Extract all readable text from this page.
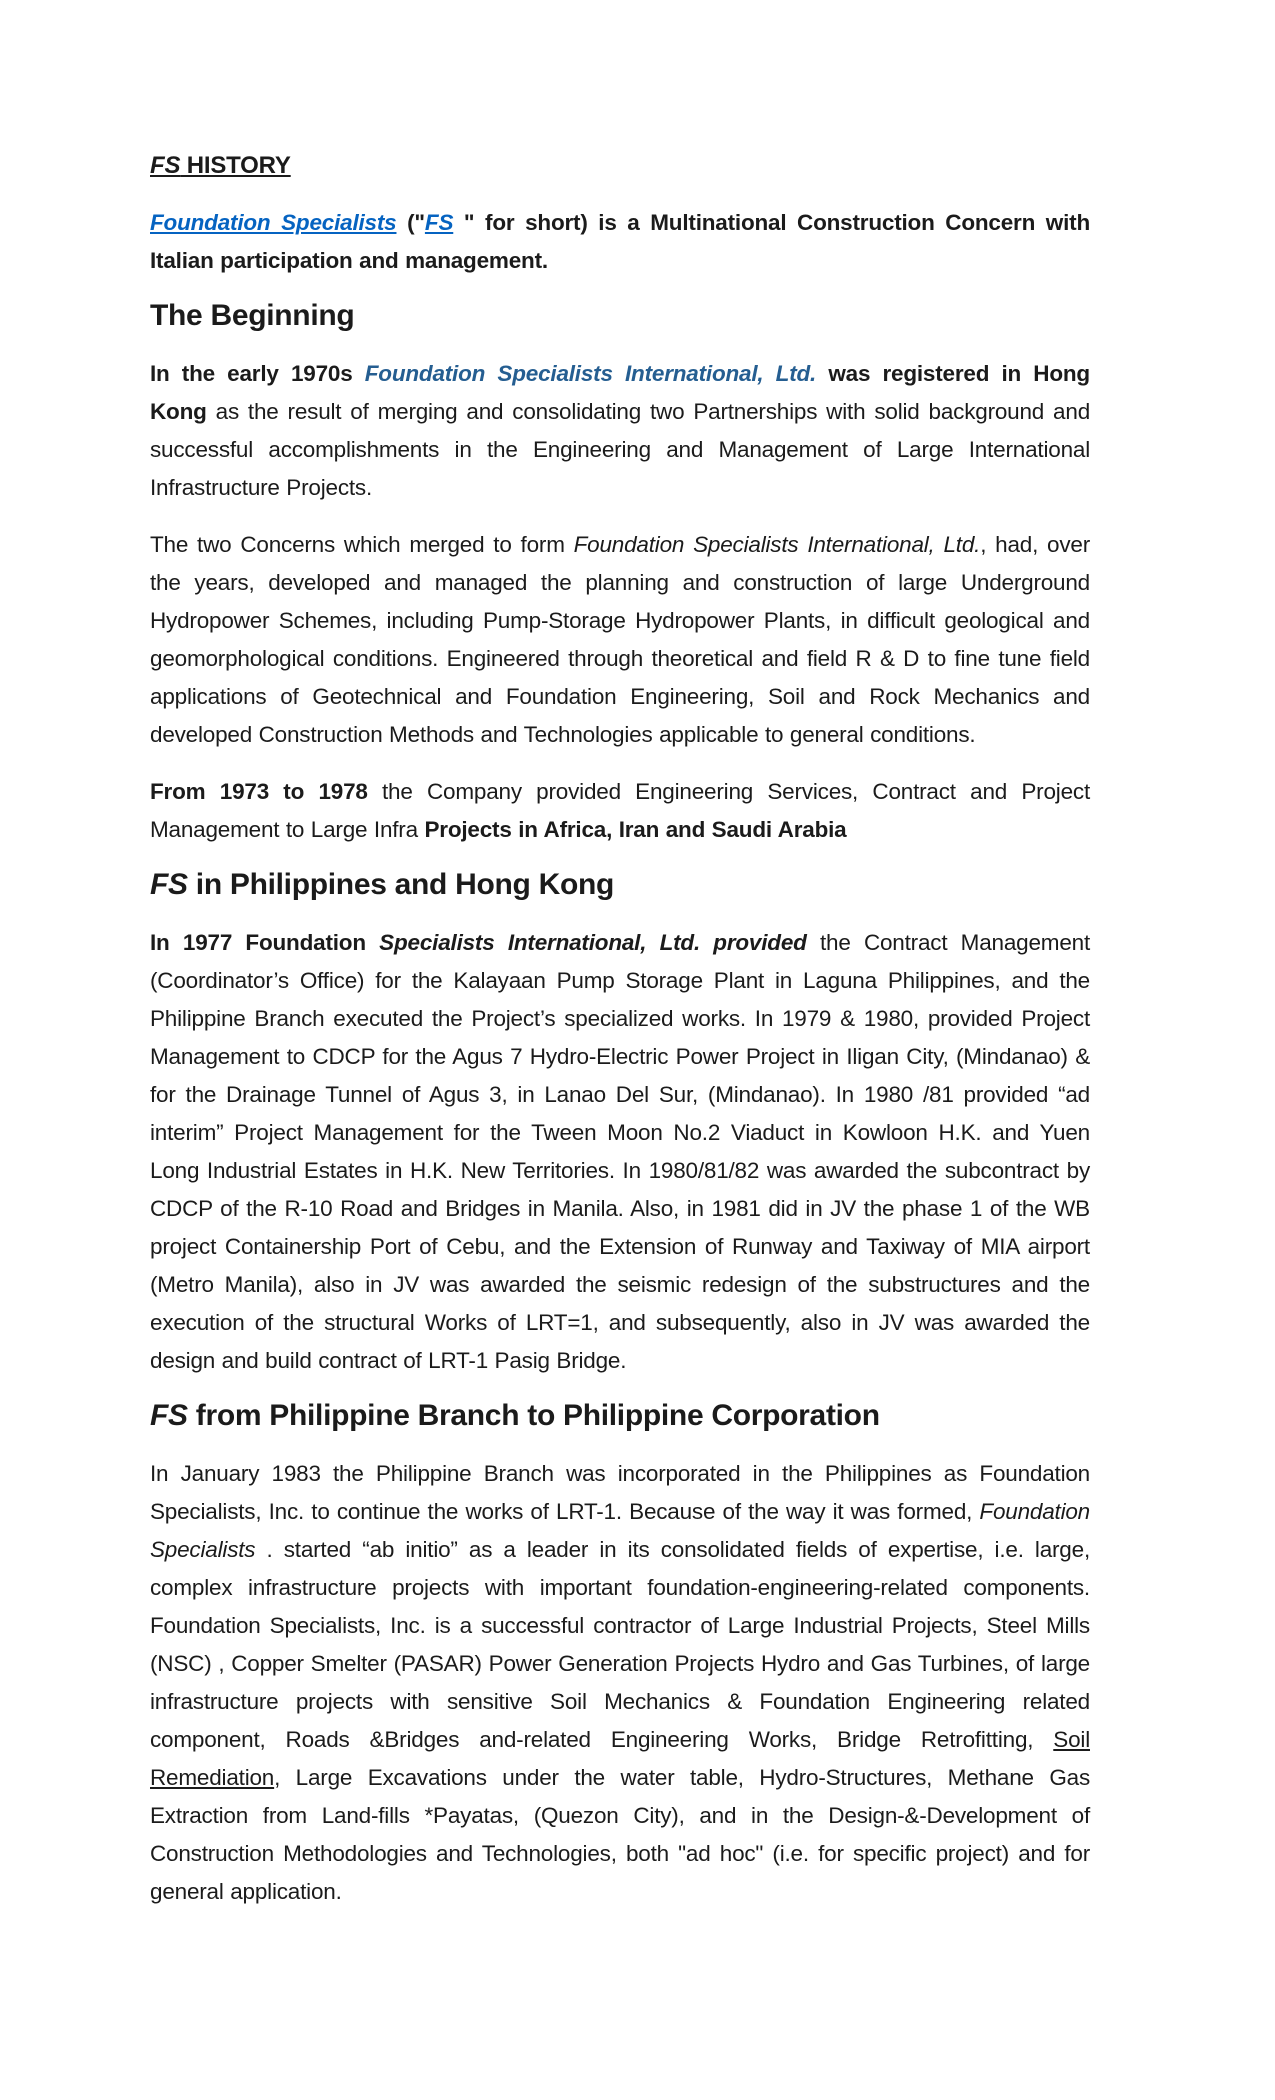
FS HISTORY

Foundation Specialists ("FS " for short) is a Multinational Construction Concern with Italian participation and management.

The Beginning

In the early 1970s Foundation Specialists International, Ltd. was registered in Hong Kong as the result of merging and consolidating two Partnerships with solid background and successful accomplishments in the Engineering and Management of Large International Infrastructure Projects.

The two Concerns which merged to form Foundation Specialists International, Ltd., had, over the years, developed and managed the planning and construction of large Underground Hydropower Schemes, including Pump-Storage Hydropower Plants, in difficult geological and geomorphological conditions. Engineered through theoretical and field R & D to fine tune field applications of Geotechnical and Foundation Engineering, Soil and Rock Mechanics and developed Construction Methods and Technologies applicable to general conditions.

From 1973 to 1978 the Company provided Engineering Services, Contract and Project Management to Large Infra Projects in Africa, Iran and Saudi Arabia

FS in Philippines and Hong Kong

In 1977 Foundation Specialists International, Ltd. provided the Contract Management (Coordinator’s Office) for the Kalayaan Pump Storage Plant in Laguna Philippines, and the Philippine Branch executed the Project’s specialized works. In 1979 & 1980, provided Project Management to CDCP for the Agus 7 Hydro-Electric Power Project in Iligan City, (Mindanao) & for the Drainage Tunnel of Agus 3, in Lanao Del Sur, (Mindanao). In 1980 /81 provided “ad interim” Project Management for the Tween Moon No.2 Viaduct in Kowloon H.K. and Yuen Long Industrial Estates in H.K. New Territories. In 1980/81/82 was awarded the subcontract by CDCP of the R-10 Road and Bridges in Manila. Also, in 1981 did in JV the phase 1 of the WB project Containership Port of Cebu, and the Extension of Runway and Taxiway of MIA airport (Metro Manila), also in JV was awarded the seismic redesign of the substructures and the execution of the structural Works of LRT=1, and subsequently, also in JV was awarded the design and build contract of LRT-1 Pasig Bridge.

FS from Philippine Branch to Philippine Corporation

In January 1983 the Philippine Branch was incorporated in the Philippines as Foundation Specialists, Inc. to continue the works of LRT-1. Because of the way it was formed, Foundation Specialists . started “ab initio” as a leader in its consolidated fields of expertise, i.e. large, complex infrastructure projects with important foundation-engineering-related components. Foundation Specialists, Inc. is a successful contractor of Large Industrial Projects, Steel Mills (NSC) , Copper Smelter (PASAR) Power Generation Projects Hydro and Gas Turbines, of large infrastructure projects with sensitive Soil Mechanics & Foundation Engineering related component, Roads &Bridges and-related Engineering Works, Bridge Retrofitting, Soil Remediation, Large Excavations under the water table, Hydro-Structures, Methane Gas Extraction from Land-fills *Payatas, (Quezon City), and in the Design-&-Development of Construction Methodologies and Technologies, both "ad hoc" (i.e. for specific project) and for general application.
